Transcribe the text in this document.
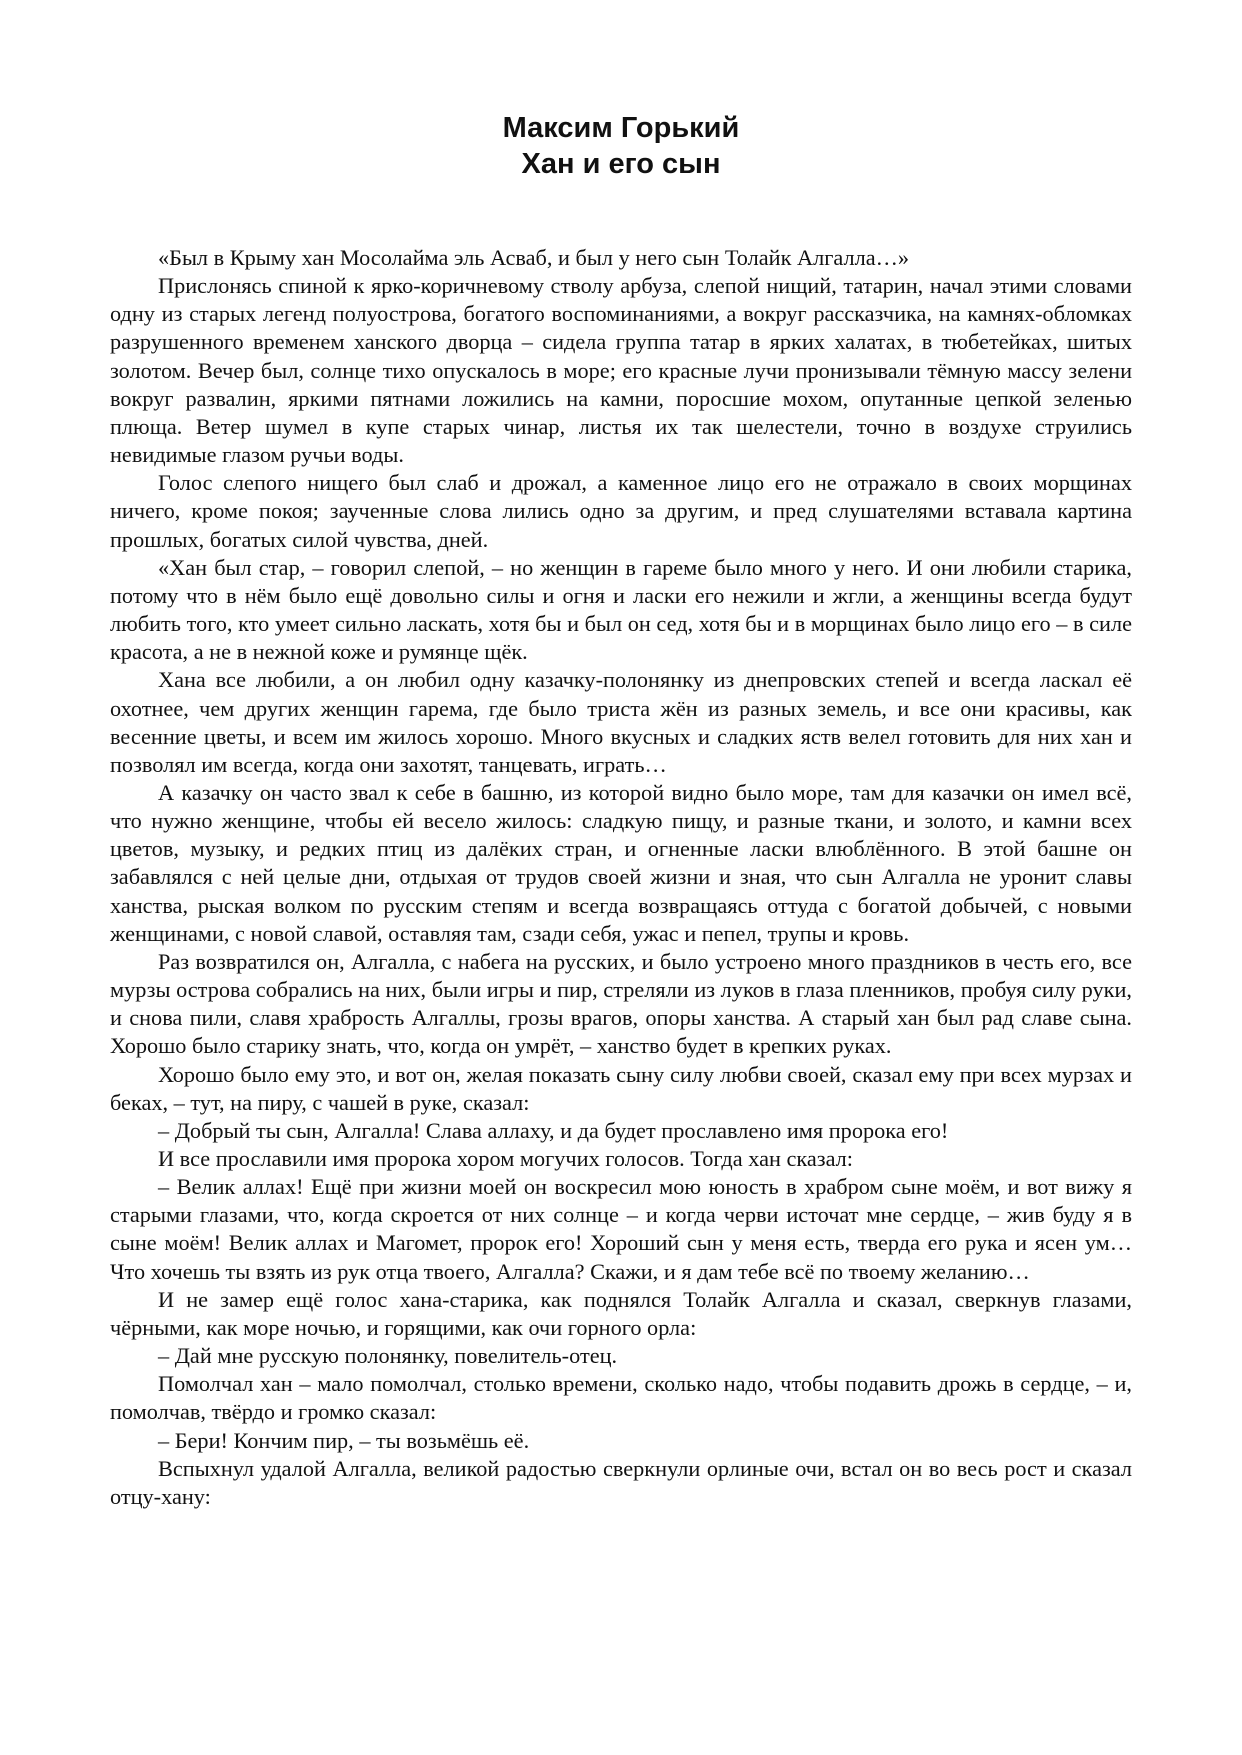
Максим Горький
Хан и его сын

«Был в Крыму хан Мосолайма эль Асваб, и был у него сын Толайк Алгалла…»

Прислонясь спиной к ярко-коричневому стволу арбуза, слепой нищий, татарин, начал этими словами одну из старых легенд полуострова, богатого воспоминаниями, а вокруг рассказчика, на камнях-обломках разрушенного временем ханского дворца – сидела группа татар в ярких халатах, в тюбетейках, шитых золотом. Вечер был, солнце тихо опускалось в море; его красные лучи пронизывали тёмную массу зелени вокруг развалин, яркими пятнами ложились на камни, поросшие мохом, опутанные цепкой зеленью плюща. Ветер шумел в купе старых чинар, листья их так шелестели, точно в воздухе струились невидимые глазом ручьи воды.

Голос слепого нищего был слаб и дрожал, а каменное лицо его не отражало в своих морщинах ничего, кроме покоя; заученные слова лились одно за другим, и пред слушателями вставала картина прошлых, богатых силой чувства, дней.

«Хан был стар, – говорил слепой, – но женщин в гареме было много у него. И они любили старика, потому что в нём было ещё довольно силы и огня и ласки его нежили и жгли, а женщины всегда будут любить того, кто умеет сильно ласкать, хотя бы и был он сед, хотя бы и в морщинах было лицо его – в силе красота, а не в нежной коже и румянце щёк.

Хана все любили, а он любил одну казачку-полонянку из днепровских степей и всегда ласкал её охотнее, чем других женщин гарема, где было триста жён из разных земель, и все они красивы, как весенние цветы, и всем им жилось хорошо. Много вкусных и сладких яств велел готовить для них хан и позволял им всегда, когда они захотят, танцевать, играть…

А казачку он часто звал к себе в башню, из которой видно было море, там для казачки он имел всё, что нужно женщине, чтобы ей весело жилось: сладкую пищу, и разные ткани, и золото, и камни всех цветов, музыку, и редких птиц из далёких стран, и огненные ласки влюблённого. В этой башне он забавлялся с ней целые дни, отдыхая от трудов своей жизни и зная, что сын Алгалла не уронит славы ханства, рыская волком по русским степям и всегда возвращаясь оттуда с богатой добычей, с новыми женщинами, с новой славой, оставляя там, сзади себя, ужас и пепел, трупы и кровь.

Раз возвратился он, Алгалла, с набега на русских, и было устроено много праздников в честь его, все мурзы острова собрались на них, были игры и пир, стреляли из луков в глаза пленников, пробуя силу руки, и снова пили, славя храбрость Алгаллы, грозы врагов, опоры ханства. А старый хан был рад славе сына. Хорошо было старику знать, что, когда он умрёт, – ханство будет в крепких руках.

Хорошо было ему это, и вот он, желая показать сыну силу любви своей, сказал ему при всех мурзах и беках, – тут, на пиру, с чашей в руке, сказал:

– Добрый ты сын, Алгалла! Слава аллаху, и да будет прославлено имя пророка его!

И все прославили имя пророка хором могучих голосов. Тогда хан сказал:

– Велик аллах! Ещё при жизни моей он воскресил мою юность в храбром сыне моём, и вот вижу я старыми глазами, что, когда скроется от них солнце – и когда черви источат мне сердце, – жив буду я в сыне моём! Велик аллах и Магомет, пророк его! Хороший сын у меня есть, тверда его рука и ясен ум… Что хочешь ты взять из рук отца твоего, Алгалла? Скажи, и я дам тебе всё по твоему желанию…

И не замер ещё голос хана-старика, как поднялся Толайк Алгалла и сказал, сверкнув глазами, чёрными, как море ночью, и горящими, как очи горного орла:

– Дай мне русскую полонянку, повелитель-отец.

Помолчал хан – мало помолчал, столько времени, сколько надо, чтобы подавить дрожь в сердце, – и, помолчав, твёрдо и громко сказал:

– Бери! Кончим пир, – ты возьмёшь её.

Вспыхнул удалой Алгалла, великой радостью сверкнули орлиные очи, встал он во весь рост и сказал отцу-хану:
